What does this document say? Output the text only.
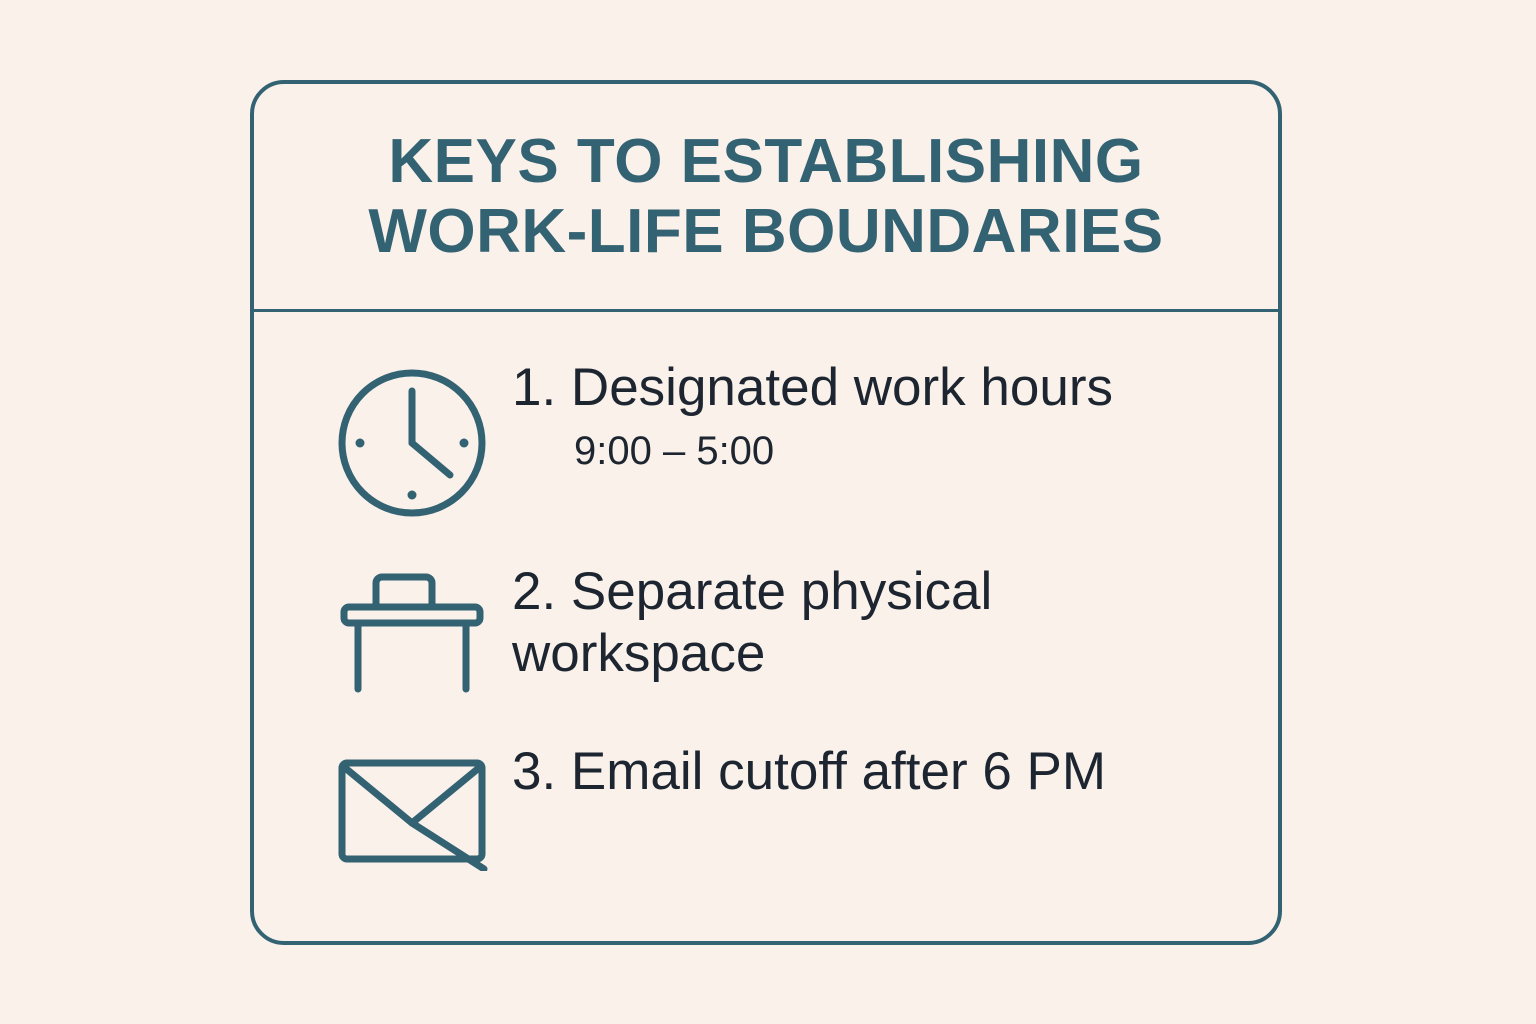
KEYS TO ESTABLISHING WORK-LIFE BOUNDARIES
1. Designated work hours
9:00 – 5:00
2. Separate physical workspace
3. Email cutoff after 6 PM
